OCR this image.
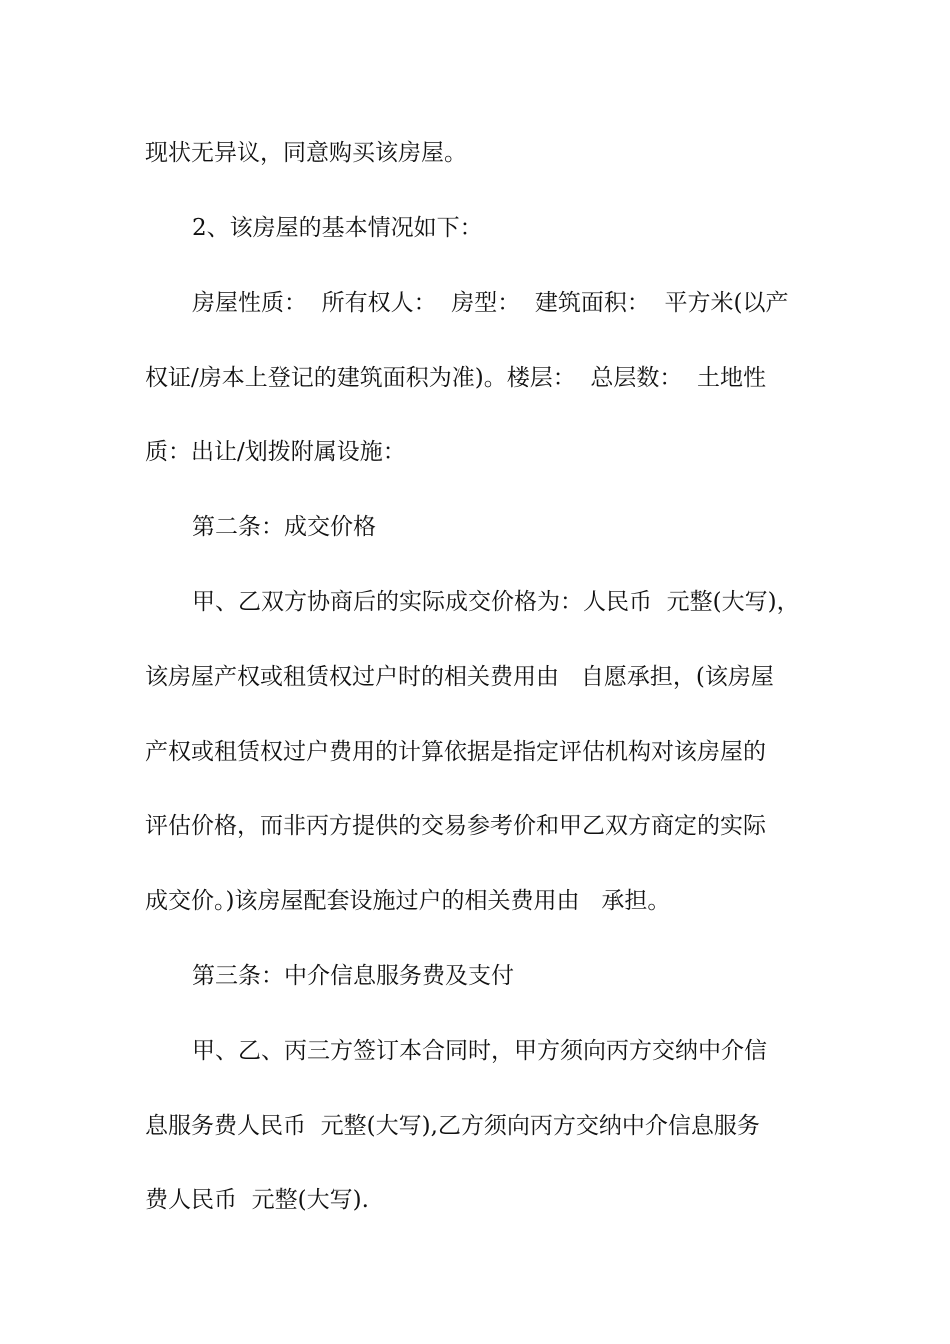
现状无异议，同意购买该房屋。

2、该房屋的基本情况如下：

房屋性质：  所有权人：  房型：  建筑面积：  平方米(以产

权证/房本上登记的建筑面积为准)。楼层：  总层数：  土地性

质：出让/划拨附属设施：

第二条：成交价格

甲、乙双方协商后的实际成交价格为：人民币  元整(大写)，

该房屋产权或租赁权过户时的相关费用由   自愿承担，(该房屋

产权或租赁权过户费用的计算依据是指定评估机构对该房屋的

评估价格，而非丙方提供的交易参考价和甲乙双方商定的实际

成交价。)该房屋配套设施过户的相关费用由   承担。

第三条：中介信息服务费及支付

甲、乙、丙三方签订本合同时，甲方须向丙方交纳中介信

息服务费人民币  元整(大写),乙方须向丙方交纳中介信息服务

费人民币  元整(大写).
